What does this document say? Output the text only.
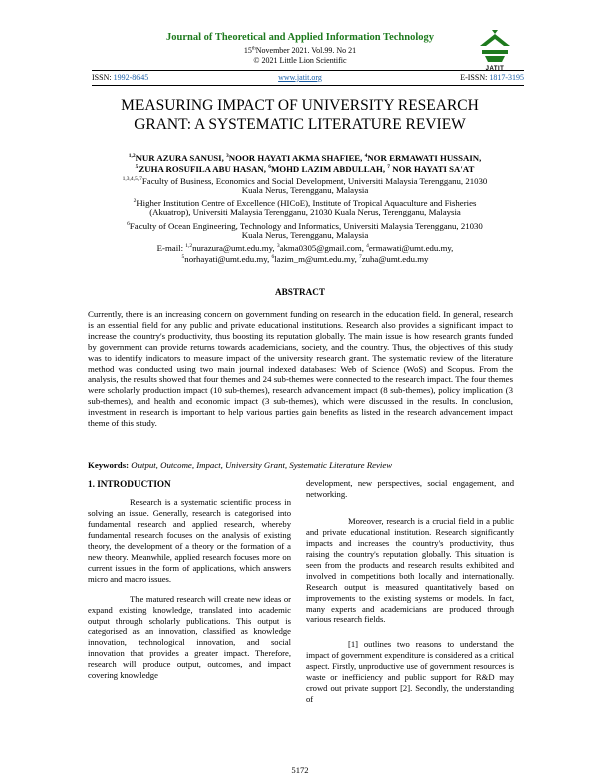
Journal of Theoretical and Applied Information Technology
15thNovember 2021. Vol.99. No 21
© 2021 Little Lion Scientific
JATIT
ISSN: 1992-8645	www.jatit.org	E-ISSN: 1817-3195
MEASURING IMPACT OF UNIVERSITY RESEARCH
GRANT: A SYSTEMATIC LITERATURE REVIEW
$^{1,2}$NUR AZURA SANUSI, $^3$NOOR HAYATI AKMA SHAFIEE, $^4$NOR ERMAWATI HUSSAIN,
$^5$ZUHA ROSUFILA ABU HASAN, $^6$MOHD LAZIM ABDULLAH, $^7$ NOR HAYATI SA'AT
$^{1,3,4,5,7}$Faculty of Business, Economics and Social Development, Universiti Malaysia Terengganu, 21030
Kuala Nerus, Terengganu, Malaysia
$^2$Higher Institution Centre of Excellence (HICoE), Institute of Tropical Aquaculture and Fisheries
(Akuatrop), Universiti Malaysia Terengganu, 21030 Kuala Nerus, Terengganu, Malaysia
$^6$Faculty of Ocean Engineering, Technology and Informatics, Universiti Malaysia Terengganu, 21030
Kuala Nerus, Terengganu, Malaysia
E-mail: $^{1,2}$nurazura@umt.edu.my, $^3$akma0305@gmail.com, $^4$ermawati@umt.edu.my,
$^5$norhayati@umt.edu.my, $^6$lazim_m@umt.edu.my, $^7$zuha@umt.edu.my
ABSTRACT
Currently, there is an increasing concern on government funding on research in the education field. In general, research is an essential field for any public and private educational institutions. Research also provides a significant impact to increase the country's productivity, thus boosting its reputation globally. The main issue is how research grants funded by government can provide returns towards academicians, society, and the country. Thus, the objectives of this study was to identify indicators to measure impact of the university research grant. The systematic review of the literature method was conducted using two main journal indexed databases: Web of Science (WoS) and Scopus. From the analysis, the results showed that four themes and 24 sub-themes were connected to the research impact. The four themes were scholarly production impact (10 sub-themes), research advancement impact (8 sub-themes), policy implication (3 sub-themes), and health and economic impact (3 sub-themes), which were discussed in the results. In conclusion, investment in research is important to help various parties gain benefits as listed in the research advancement impact theme of this study.
Keywords: Output, Outcome, Impact, University Grant, Systematic Literature Review
1. INTRODUCTION

Research is a systematic scientific process in solving an issue. Generally, research is categorised into fundamental research and applied research, whereby fundamental research focuses on the analysis of existing theory, the development of a theory or the formation of a new theory. Meanwhile, applied research focuses more on current issues in the form of applications, which answers micro and macro issues.

The matured research will create new ideas or expand existing knowledge, translated into academic output through scholarly publications. This output is categorised as an innovation, classified as knowledge innovation, technological innovation, and social innovation that provides a greater impact. Therefore, research will produce output, outcomes, and impact covering knowledge

development, new perspectives, social engagement, and networking.

Moreover, research is a crucial field in a public and private educational institution. Research significantly impacts and increases the country's productivity, thus raising the country's reputation globally. This situation is seen from the products and research results exhibited and involved in competitions both locally and internationally. Research output is measured quantitatively based on improvements to the existing systems or models. In fact, many experts and academicians are produced through various research fields.

[1] outlines two reasons to understand the impact of government expenditure is considered as a critical aspect. Firstly, unproductive use of government resources is waste or inefficiency and public support for R&D may crowd out private support [2]. Secondly, the understanding of

5172
